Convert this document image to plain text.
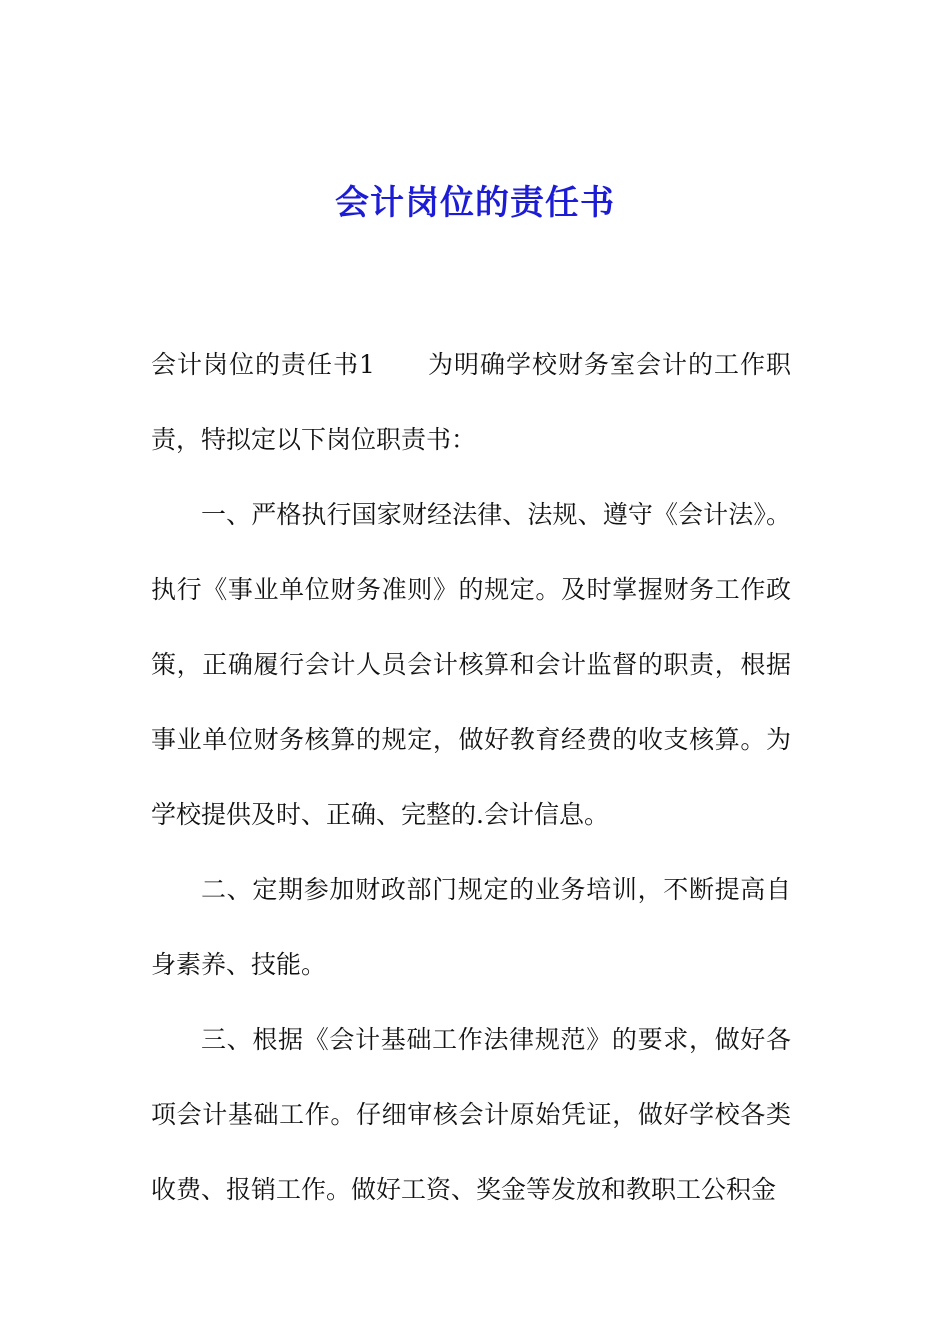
会计岗位的责任书

会计岗位的责任书1 为明确学校财务室会计的工作职责，特拟定以下岗位职责书：

一、严格执行国家财经法律、法规、遵守《会计法》。执行《事业单位财务准则》的规定。及时掌握财务工作政策，正确履行会计人员会计核算和会计监督的职责，根据事业单位财务核算的规定，做好教育经费的收支核算。为学校提供及时、正确、完整的.会计信息。

二、定期参加财政部门规定的业务培训，不断提高自身素养、技能。

三、根据《会计基础工作法律规范》的要求，做好各项会计基础工作。仔细审核会计原始凭证，做好学校各类收费、报销工作。做好工资、奖金等发放和教职工公积金
